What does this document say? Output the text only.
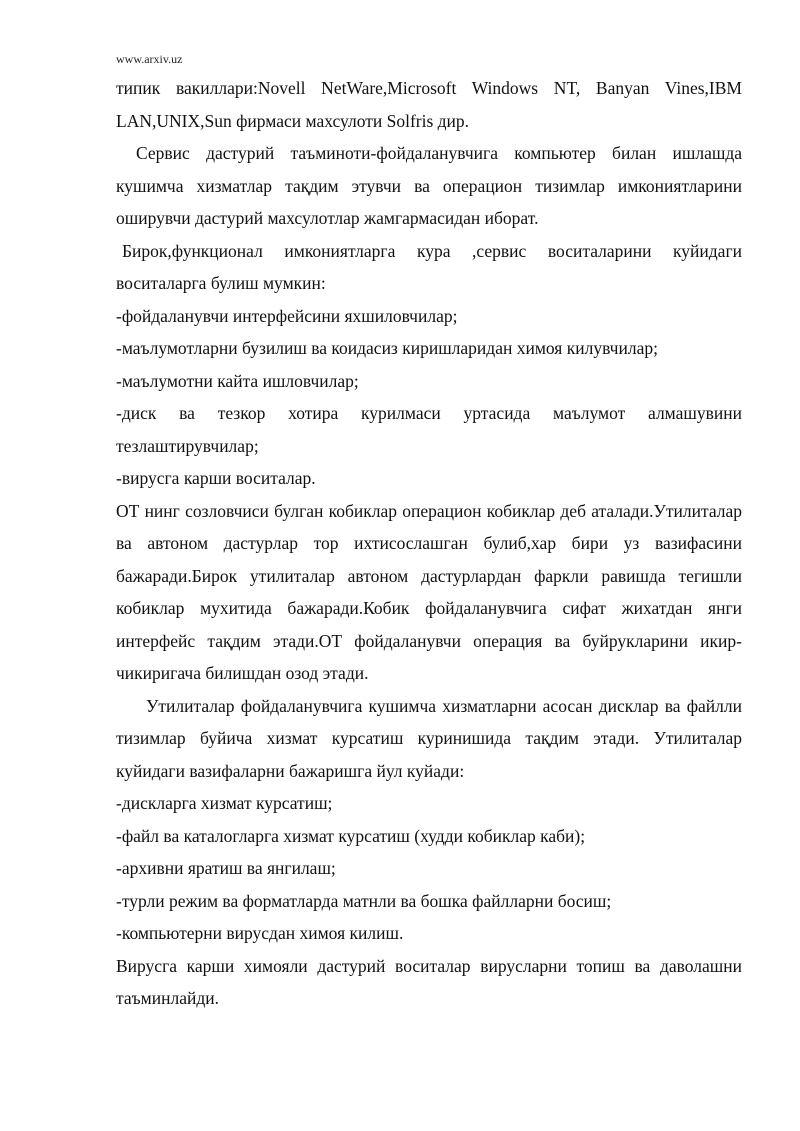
www.arxiv.uz

типик вакиллари:Novell NetWare,Microsoft Windows NT, Banyan Vines,IBM LAN,UNIX,Sun фирмаси махсулоти Solfris дир.

Сервис дастурий таъминоти-фойдаланувчига компьютер билан ишлашда кушимча хизматлар тақдим этувчи ва операцион тизимлар имкониятларини оширувчи дастурий махсулотлар жамгармасидан иборат.

Бирок,функционал имкониятларга кура ,сервис воситаларини куйидаги воситаларга булиш мумкин:

-фойдаланувчи интерфейсини яхшиловчилар;

-маълумотларни бузилиш ва коидасиз киришларидан химоя килувчилар;

-маълумотни кайта ишловчилар;

-диск ва тезкор хотира курилмаси уртасида маълумот алмашувини тезлаштирувчилар;

-вирусга карши воситалар.

ОТ нинг созловчиси булган кобиклар операцион кобиклар деб аталади.Утилиталар ва автоном дастурлар тор ихтисослашган булиб,хар бири уз вазифасини бажаради.Бирок утилиталар автоном дастурлардан фаркли равишда тегишли кобиклар мухитида бажаради.Кобик фойдаланувчига сифат жихатдан янги интерфейс тақдим этади.ОТ фойдаланувчи операция ва буйрукларини икир-чикиригача билишдан озод этади.

Утилиталар фойдаланувчига кушимча хизматларни асосан дисклар ва файлли тизимлар буйича хизмат курсатиш куринишида тақдим этади. Утилиталар куйидаги вазифаларни бажаришга йул куйади:

-дискларга хизмат курсатиш;

-файл ва каталогларга хизмат курсатиш (худди кобиклар каби);

-архивни яратиш ва янгилаш;

-турли режим ва форматларда матнли ва бошка файлларни босиш;

-компьютерни вирусдан химоя килиш.

Вирусга карши химояли дастурий воситалар вирусларни топиш ва даволашни таъминлайди.
